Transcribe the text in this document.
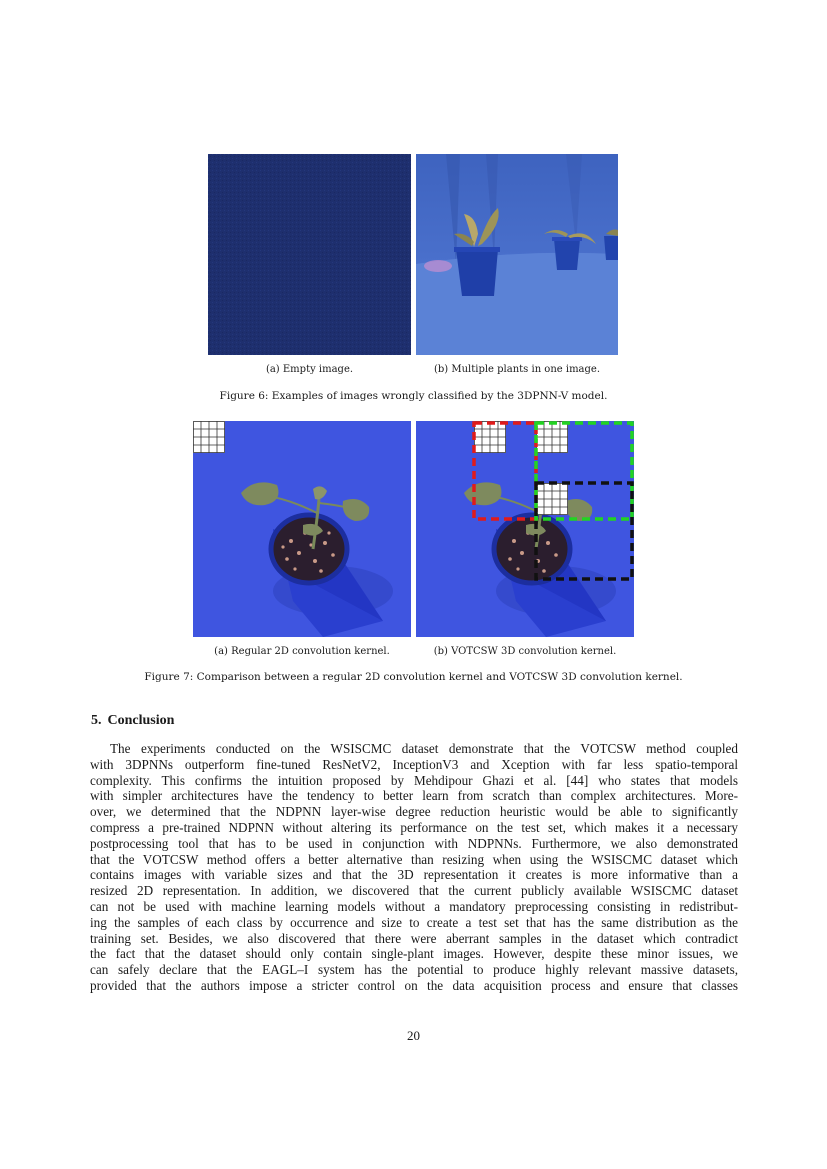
(a) Empty image.	(b) Multiple plants in one image.
Figure 6: Examples of images wrongly classified by the 3DPNN-V model.
(a) Regular 2D convolution kernel.	(b) VOTCSW 3D convolution kernel.
Figure 7: Comparison between a regular 2D convolution kernel and VOTCSW 3D convolution kernel.
5. Conclusion
The experiments conducted on the WSISCMC dataset demonstrate that the VOTCSW method coupled
with 3DPNNs outperform fine-tuned ResNetV2, InceptionV3 and Xception with far less spatio-temporal
complexity. This confirms the intuition proposed by Mehdipour Ghazi et al. [44] who states that models
with simpler architectures have the tendency to better learn from scratch than complex architectures. More-
over, we determined that the NDPNN layer-wise degree reduction heuristic would be able to significantly
compress a pre-trained NDPNN without altering its performance on the test set, which makes it a necessary
postprocessing tool that has to be used in conjunction with NDPNNs. Furthermore, we also demonstrated
that the VOTCSW method offers a better alternative than resizing when using the WSISCMC dataset which
contains images with variable sizes and that the 3D representation it creates is more informative than a
resized 2D representation. In addition, we discovered that the current publicly available WSISCMC dataset
can not be used with machine learning models without a mandatory preprocessing consisting in redistribut-
ing the samples of each class by occurrence and size to create a test set that has the same distribution as the
training set. Besides, we also discovered that there were aberrant samples in the dataset which contradict
the fact that the dataset should only contain single-plant images. However, despite these minor issues, we
can safely declare that the EAGL–I system has the potential to produce highly relevant massive datasets,
provided that the authors impose a stricter control on the data acquisition process and ensure that classes
20
